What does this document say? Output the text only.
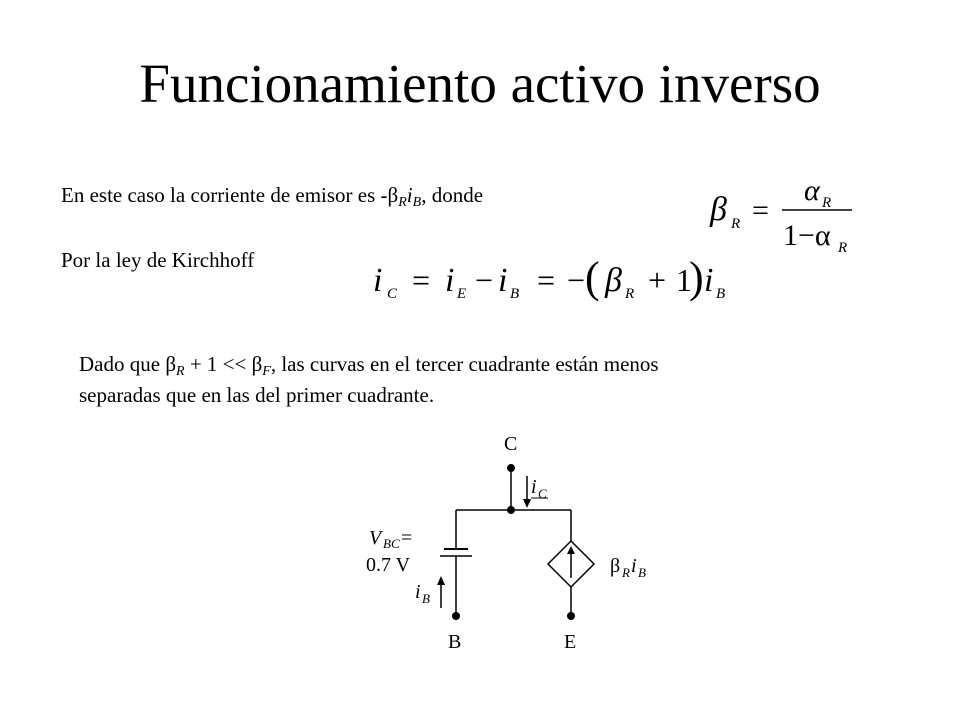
Funcionamiento activo inverso
En este caso la corriente de emisor es $-\beta_Ri_B$, donde
Por la ley de Kirchhoff
β R =
α R
1−α R
i C = i E − i B = − ( β R + 1
) i B
Dado que $\beta_R + 1 << \beta_F$, las curvas en el tercer cuadrante están menos
separadas que en las del primer cuadrante.
C
B	E
i C
i B
V BC =
0.7 V	β R i B
